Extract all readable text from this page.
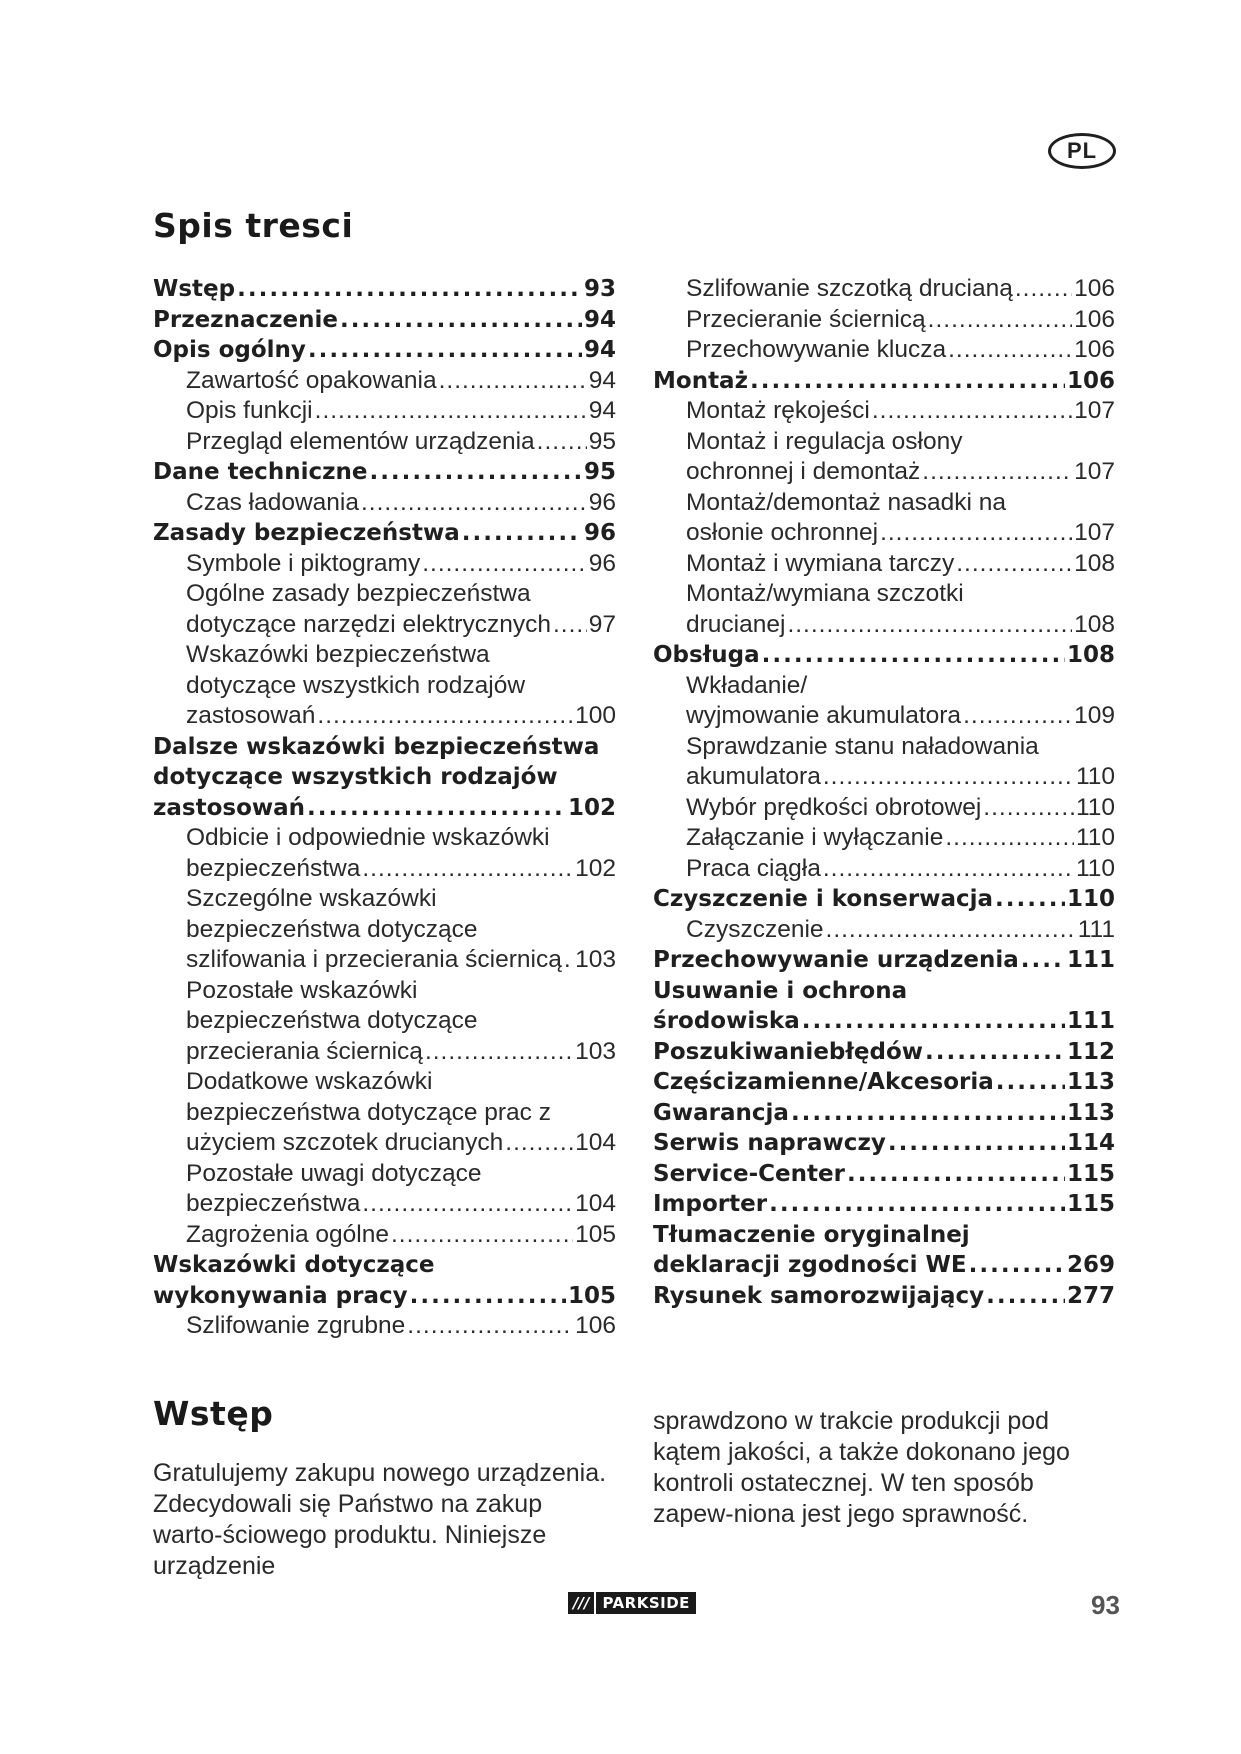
PL
Spis tresci
Wstęp .....	93
Przeznaczenie .....	94
Opis ogólny .....	94
Zawartość opakowania .....	94
Opis funkcji .....	94
Przegląd elementów urządzenia ..... 95
Dane techniczne .....	95
Czas ładowania .....	96
Zasady bezpieczeństwa .....	96
Symbole i piktogramy .....	96
Ogólne zasady bezpieczeństwa
dotyczące narzędzi elektrycznych ..... 97
Wskazówki bezpieczeństwa
dotyczące wszystkich rodzajów
zastosowań .....	100
Dalsze wskazówki bezpieczeństwa
dotyczące wszystkich rodzajów
zastosowań .....	102
Odbicie i odpowiednie wskazówki
bezpieczeństwa .....	102
Szczególne wskazówki
bezpieczeństwa dotyczące
szlifowania i przecierania ściernicą ..... 103
Pozostałe wskazówki
bezpieczeństwa dotyczące
przecierania ściernicą .....	103
Dodatkowe wskazówki
bezpieczeństwa dotyczące prac z
użyciem szczotek drucianych .....	104
Pozostałe uwagi dotyczące
bezpieczeństwa .....	104
Zagrożenia ogólne .....	105
Wskazówki dotyczące
wykonywania pracy .....	105
Szlifowanie zgrubne .....	106
Szlifowanie szczotką drucianą .....	106
Przecieranie ściernicą .....	106
Przechowywanie klucza .....	106
Montaż .....	106
Montaż rękojeści .....	107
Montaż i regulacja osłony
ochronnej i demontaż .....	107
Montaż/demontaż nasadki na
osłonie ochronnej .....	107
Montaż i wymiana tarczy .....	108
Montaż/wymiana szczotki
drucianej .....	108
Obsługa .....	108
Wkładanie/
wyjmowanie akumulatora .....	109
Sprawdzanie stanu naładowania
akumulatora .....	110
Wybór prędkości obrotowej .....	110
Załączanie i wyłączanie .....	110
Praca ciągła .....	110
Czyszczenie i konserwacja .....	110
Czyszczenie .....	111
Przechowywanie urządzenia ..... 111
Usuwanie i ochrona
środowiska .....	111
Poszukiwaniebłędów .....	112
Częścizamienne/Akcesoria .....	113
Gwarancja .....	113
Serwis naprawczy .....	114
Service-Center .....	115
Importer .....	115
Tłumaczenie oryginalnej
deklaracji zgodności WE .....	269
Rysunek samorozwijający .....	277
Wstęp

Gratulujemy zakupu nowego urządzenia. Zdecydowali się Państwo na zakup warto-ściowego produktu. Niniejsze urządzenie

sprawdzono w trakcie produkcji pod kątem jakości, a także dokonano jego kontroli ostatecznej. W ten sposób zapew-niona jest jego sprawność.

/// PARKSIDE	93
